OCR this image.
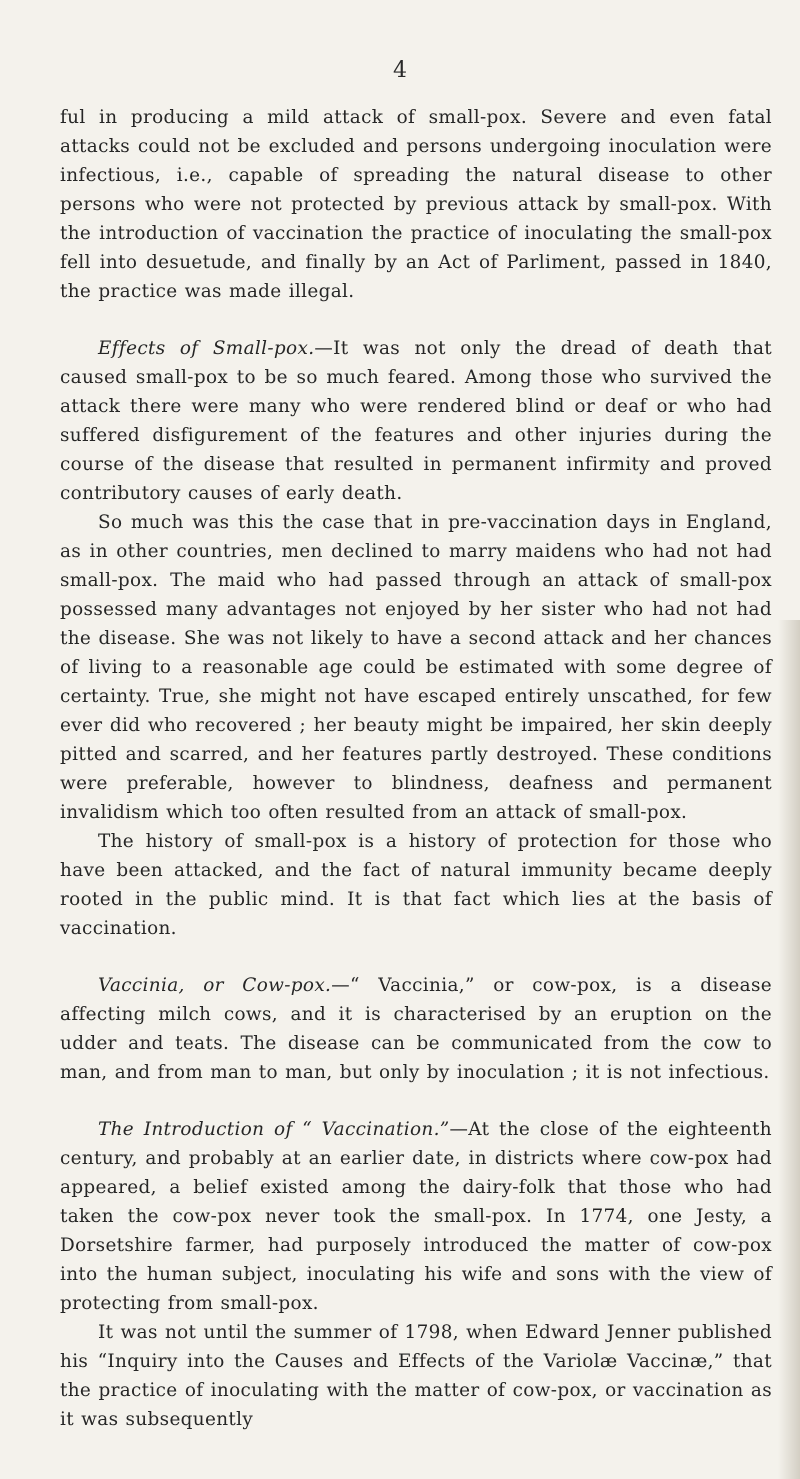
4

ful in producing a mild attack of small-pox. Severe and even fatal attacks could not be excluded and persons undergoing inoculation were infectious, i.e., capable of spreading the natural disease to other persons who were not protected by previous attack by small-pox. With the introduction of vaccination the practice of inoculating the small-pox fell into desuetude, and finally by an Act of Parliment, passed in 1840, the practice was made illegal.

Effects of Small-pox.—It was not only the dread of death that caused small-pox to be so much feared. Among those who survived the attack there were many who were rendered blind or deaf or who had suffered disfigurement of the features and other injuries during the course of the disease that resulted in permanent infirmity and proved contributory causes of early death.

So much was this the case that in pre-vaccination days in England, as in other countries, men declined to marry maidens who had not had small-pox. The maid who had passed through an attack of small-pox possessed many advantages not enjoyed by her sister who had not had the disease. She was not likely to have a second attack and her chances of living to a reasonable age could be estimated with some degree of certainty. True, she might not have escaped entirely unscathed, for few ever did who recovered ; her beauty might be impaired, her skin deeply pitted and scarred, and her features partly destroyed. These conditions were preferable, however to blindness, deafness and permanent invalidism which too often resulted from an attack of small-pox.

The history of small-pox is a history of protection for those who have been attacked, and the fact of natural immunity became deeply rooted in the public mind. It is that fact which lies at the basis of vaccination.

Vaccinia, or Cow-pox.—“ Vaccinia,” or cow-pox, is a disease affecting milch cows, and it is characterised by an eruption on the udder and teats. The disease can be communicated from the cow to man, and from man to man, but only by inoculation ; it is not infectious.

The Introduction of “ Vaccination.”—At the close of the eighteenth century, and probably at an earlier date, in districts where cow-pox had appeared, a belief existed among the dairy-folk that those who had taken the cow-pox never took the small-pox. In 1774, one Jesty, a Dorsetshire farmer, had purposely introduced the matter of cow-pox into the human subject, inoculating his wife and sons with the view of protecting from small-pox.

It was not until the summer of 1798, when Edward Jenner published his “Inquiry into the Causes and Effects of the Variolæ Vaccinæ,” that the practice of inoculating with the matter of cow-pox, or vaccination as it was subsequently
